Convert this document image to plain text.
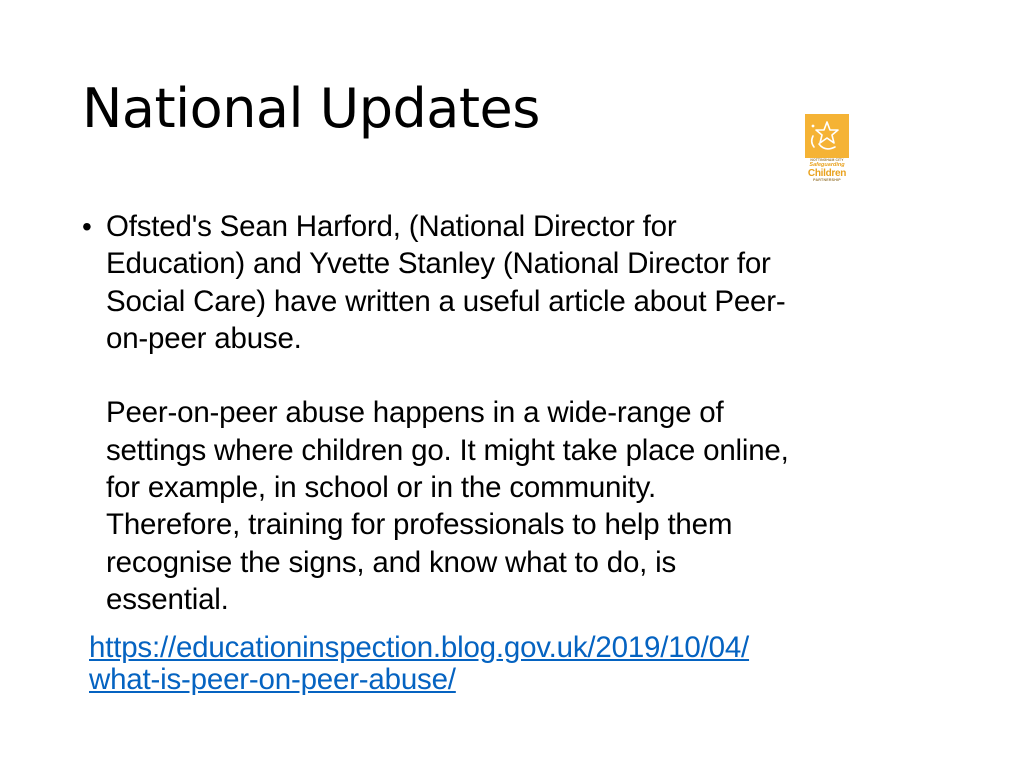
National Updates
NOTTINGHAM CITY
Safeguarding
Children
PARTNERSHIP
• Ofsted's Sean Harford, (National Director for
Education) and Yvette Stanley (National Director for
Social Care) have written a useful article about Peer-
on-peer abuse.

Peer-on-peer abuse happens in a wide-range of
settings where children go. It might take place online,
for example, in school or in the community.
Therefore, training for professionals to help them
recognise the signs, and know what to do, is
essential.

https://educationinspection.blog.gov.uk/2019/10/04/
what-is-peer-on-peer-abuse/
